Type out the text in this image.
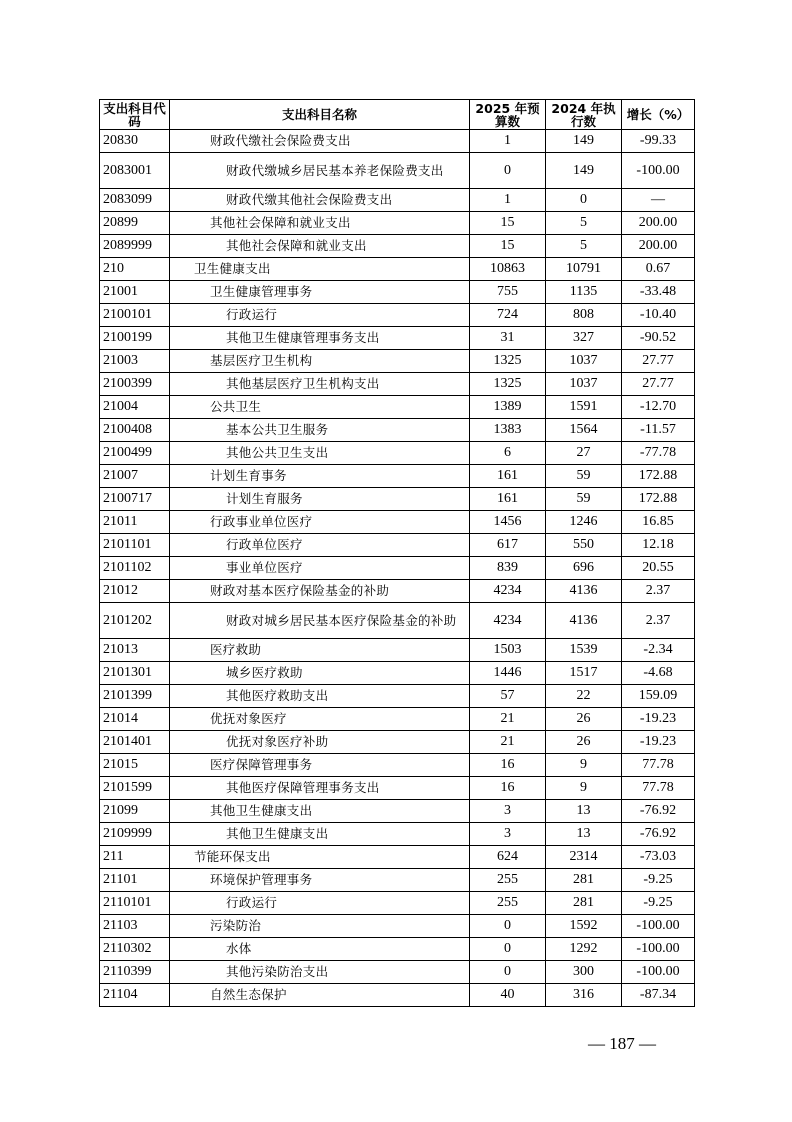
支出科目代码	支出科目名称	2025 年预算数	2024 年执行数	增长（%）
20830	财政代缴社会保险费支出	1	149	-99.33
2083001	财政代缴城乡居民基本养老保险费支出	0	149	-100.00
2083099	财政代缴其他社会保险费支出	1	0	—
20899	其他社会保障和就业支出	15	5	200.00
2089999	其他社会保障和就业支出	15	5	200.00
210	卫生健康支出	10863	10791	0.67
21001	卫生健康管理事务	755	1135	-33.48
2100101	行政运行	724	808	-10.40
2100199	其他卫生健康管理事务支出	31	327	-90.52
21003	基层医疗卫生机构	1325	1037	27.77
2100399	其他基层医疗卫生机构支出	1325	1037	27.77
21004	公共卫生	1389	1591	-12.70
2100408	基本公共卫生服务	1383	1564	-11.57
2100499	其他公共卫生支出	6	27	-77.78
21007	计划生育事务	161	59	172.88
2100717	计划生育服务	161	59	172.88
21011	行政事业单位医疗	1456	1246	16.85
2101101	行政单位医疗	617	550	12.18
2101102	事业单位医疗	839	696	20.55
21012	财政对基本医疗保险基金的补助	4234	4136	2.37
2101202	财政对城乡居民基本医疗保险基金的补助	4234	4136	2.37
21013	医疗救助	1503	1539	-2.34
2101301	城乡医疗救助	1446	1517	-4.68
2101399	其他医疗救助支出	57	22	159.09
21014	优抚对象医疗	21	26	-19.23
2101401	优抚对象医疗补助	21	26	-19.23
21015	医疗保障管理事务	16	9	77.78
2101599	其他医疗保障管理事务支出	16	9	77.78
21099	其他卫生健康支出	3	13	-76.92
2109999	其他卫生健康支出	3	13	-76.92
211	节能环保支出	624	2314	-73.03
21101	环境保护管理事务	255	281	-9.25
2110101	行政运行	255	281	-9.25
21103	污染防治	0	1592	-100.00
2110302	水体	0	1292	-100.00
2110399	其他污染防治支出	0	300	-100.00
21104	自然生态保护	40	316	-87.34
— 187 —
